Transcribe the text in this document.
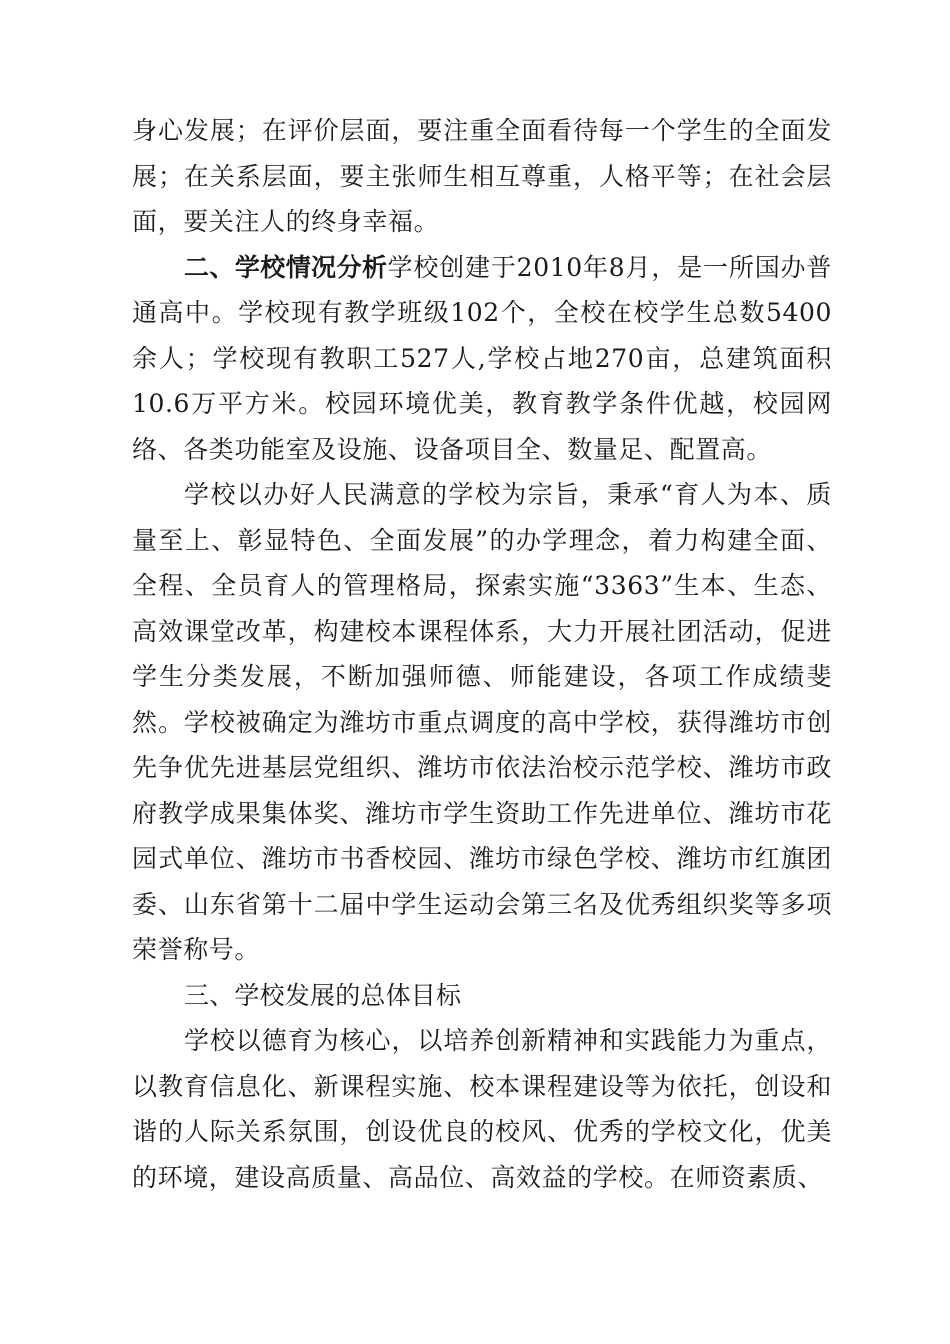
身心发展；在评价层面，要注重全面看待每一个学生的全面发展；在关系层面，要主张师生相互尊重，人格平等；在社会层面，要关注人的终身幸福。

二、学校情况分析学校创建于2010年8月，是一所国办普通高中。学校现有教学班级102个，全校在校学生总数5400余人；学校现有教职工527人,学校占地270亩，总建筑面积10.6万平方米。校园环境优美，教育教学条件优越，校园网络、各类功能室及设施、设备项目全、数量足、配置高。

学校以办好人民满意的学校为宗旨，秉承“育人为本、质量至上、彰显特色、全面发展”的办学理念，着力构建全面、全程、全员育人的管理格局，探索实施“3363”生本、生态、高效课堂改革，构建校本课程体系，大力开展社团活动，促进学生分类发展，不断加强师德、师能建设，各项工作成绩斐然。学校被确定为潍坊市重点调度的高中学校，获得潍坊市创先争优先进基层党组织、潍坊市依法治校示范学校、潍坊市政府教学成果集体奖、潍坊市学生资助工作先进单位、潍坊市花园式单位、潍坊市书香校园、潍坊市绿色学校、潍坊市红旗团委、山东省第十二届中学生运动会第三名及优秀组织奖等多项荣誉称号。

三、学校发展的总体目标

学校以德育为核心，以培养创新精神和实践能力为重点，以教育信息化、新课程实施、校本课程建设等为依托，创设和谐的人际关系氛围，创设优良的校风、优秀的学校文化，优美的环境，建设高质量、高品位、高效益的学校。在师资素质、
